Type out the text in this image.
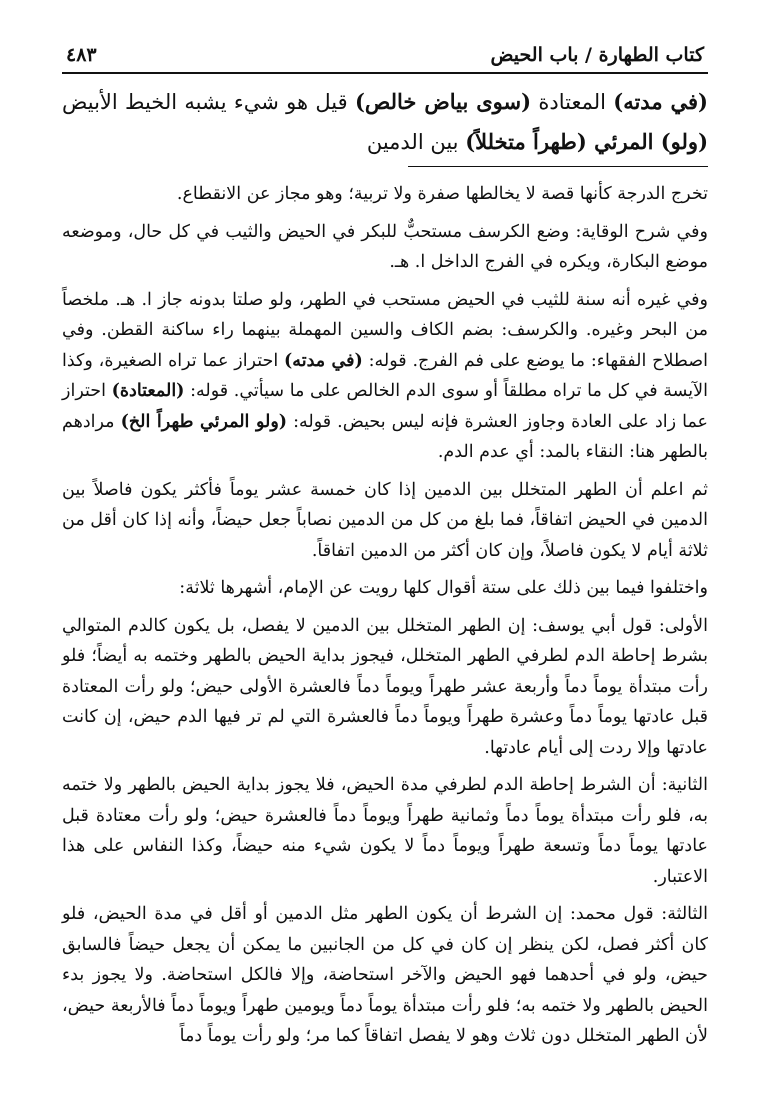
كتاب الطهارة / باب الحيض
٤٨٣
(في مدته) المعتادة (سوى بياض خالص) قيل هو شيء يشبه الخيط الأبيض (ولو) المرئي (طهراً متخللاً) بين الدمين

تخرج الدرجة كأنها قصة لا يخالطها صفرة ولا تربية؛ وهو مجاز عن الانقطاع.

وفي شرح الوقاية: وضع الكرسف مستحبٌّ للبكر في الحيض والثيب في كل حال، وموضعه موضع البكارة، ويكره في الفرج الداخل ا. هـ.

وفي غيره أنه سنة للثيب في الحيض مستحب في الطهر، ولو صلتا بدونه جاز ا. هـ. ملخصاً من البحر وغيره. والكرسف: بضم الكاف والسين المهملة بينهما راء ساكنة القطن. وفي اصطلاح الفقهاء: ما يوضع على فم الفرج. قوله: (في مدته) احتراز عما تراه الصغيرة، وكذا الآيسة في كل ما تراه مطلقاً أو سوى الدم الخالص على ما سيأتي. قوله: (المعتادة) احتراز عما زاد على العادة وجاوز العشرة فإنه ليس بحيض. قوله: (ولو المرئي طهراً الخ) مرادهم بالطهر هنا: النقاء بالمد: أي عدم الدم.

ثم اعلم أن الطهر المتخلل بين الدمين إذا كان خمسة عشر يوماً فأكثر يكون فاصلاً بين الدمين في الحيض اتفاقاً، فما بلغ من كل من الدمين نصاباً جعل حيضاً، وأنه إذا كان أقل من ثلاثة أيام لا يكون فاصلاً، وإن كان أكثر من الدمين اتفاقاً.

واختلفوا فيما بين ذلك على ستة أقوال كلها رويت عن الإمام، أشهرها ثلاثة:

الأولى: قول أبي يوسف: إن الطهر المتخلل بين الدمين لا يفصل، بل يكون كالدم المتوالي بشرط إحاطة الدم لطرفي الطهر المتخلل، فيجوز بداية الحيض بالطهر وختمه به أيضاً؛ فلو رأت مبتدأة يوماً دماً وأربعة عشر طهراً ويوماً دماً فالعشرة الأولى حيض؛ ولو رأت المعتادة قبل عادتها يوماً دماً وعشرة طهراً ويوماً دماً فالعشرة التي لم تر فيها الدم حيض، إن كانت عادتها وإلا ردت إلى أيام عادتها.

الثانية: أن الشرط إحاطة الدم لطرفي مدة الحيض، فلا يجوز بداية الحيض بالطهر ولا ختمه به، فلو رأت مبتدأة يوماً دماً وثمانية طهراً ويوماً دماً فالعشرة حيض؛ ولو رأت معتادة قبل عادتها يوماً دماً وتسعة طهراً ويوماً دماً لا يكون شيء منه حيضاً، وكذا النفاس على هذا الاعتبار.

الثالثة: قول محمد: إن الشرط أن يكون الطهر مثل الدمين أو أقل في مدة الحيض، فلو كان أكثر فصل، لكن ينظر إن كان في كل من الجانبين ما يمكن أن يجعل حيضاً فالسابق حيض، ولو في أحدهما فهو الحيض والآخر استحاضة، وإلا فالكل استحاضة. ولا يجوز بدء الحيض بالطهر ولا ختمه به؛ فلو رأت مبتدأة يوماً دماً ويومين طهراً ويوماً دماً فالأربعة حيض، لأن الطهر المتخلل دون ثلاث وهو لا يفصل اتفاقاً كما مر؛ ولو رأت يوماً دماً
